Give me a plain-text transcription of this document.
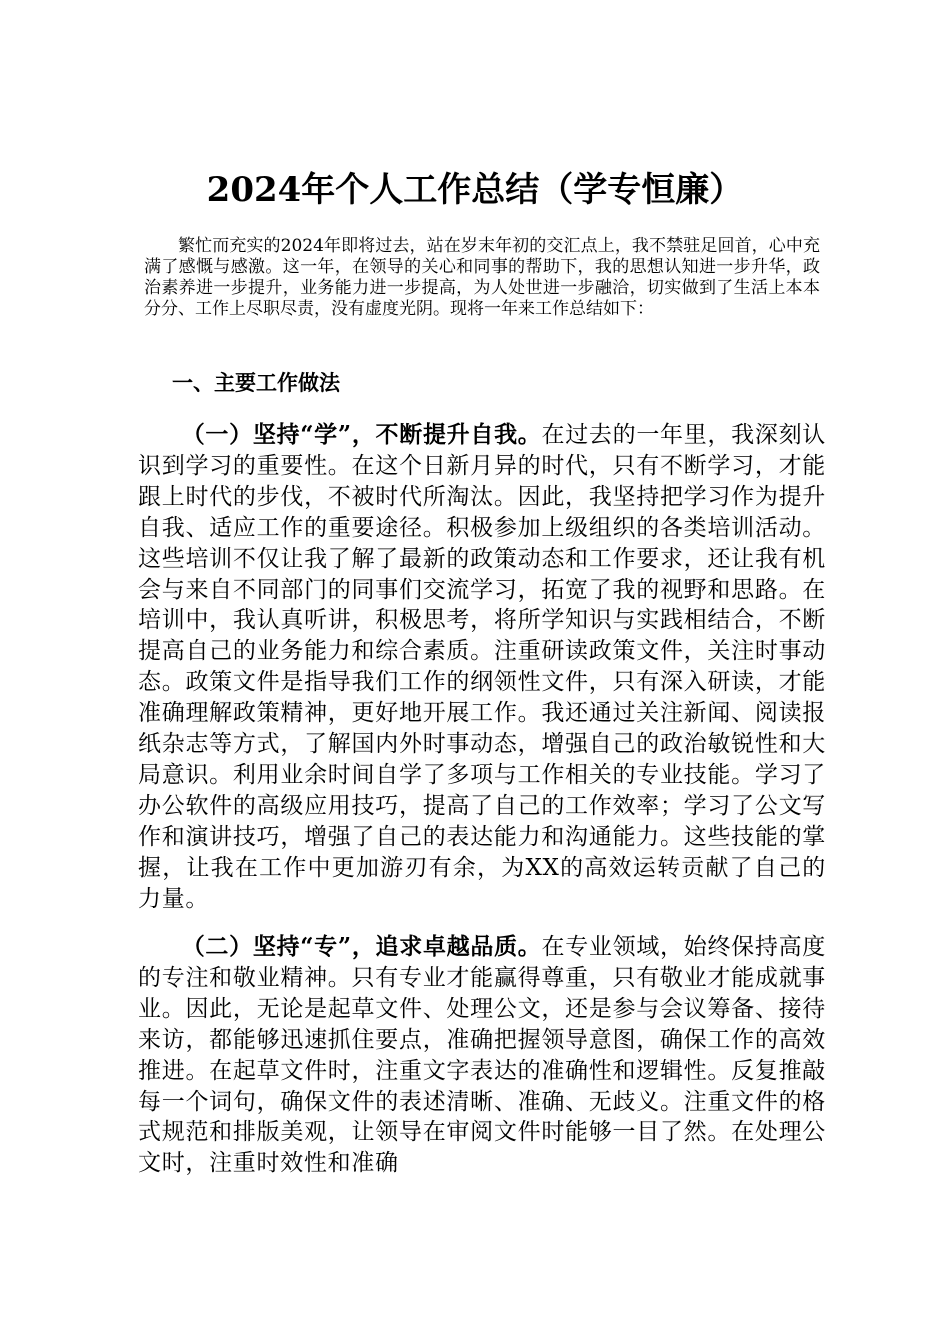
2024年个人工作总结（学专恒廉）

繁忙而充实的2024年即将过去，站在岁末年初的交汇点上，我不禁驻足回首，心中充满了感慨与感激。这一年，在领导的关心和同事的帮助下，我的思想认知进一步升华，政治素养进一步提升，业务能力进一步提高，为人处世进一步融洽，切实做到了生活上本本分分、工作上尽职尽责，没有虚度光阴。现将一年来工作总结如下：

一、主要工作做法

（一）坚持“学”，不断提升自我。在过去的一年里，我深刻认识到学习的重要性。在这个日新月异的时代，只有不断学习，才能跟上时代的步伐，不被时代所淘汰。因此，我坚持把学习作为提升自我、适应工作的重要途径。积极参加上级组织的各类培训活动。这些培训不仅让我了解了最新的政策动态和工作要求，还让我有机会与来自不同部门的同事们交流学习，拓宽了我的视野和思路。在培训中，我认真听讲，积极思考，将所学知识与实践相结合，不断提高自己的业务能力和综合素质。注重研读政策文件，关注时事动态。政策文件是指导我们工作的纲领性文件，只有深入研读，才能准确理解政策精神，更好地开展工作。我还通过关注新闻、阅读报纸杂志等方式，了解国内外时事动态，增强自己的政治敏锐性和大局意识。利用业余时间自学了多项与工作相关的专业技能。学习了办公软件的高级应用技巧，提高了自己的工作效率；学习了公文写作和演讲技巧，增强了自己的表达能力和沟通能力。这些技能的掌握，让我在工作中更加游刃有余，为XX的高效运转贡献了自己的力量。

（二）坚持“专”，追求卓越品质。在专业领域，始终保持高度的专注和敬业精神。只有专业才能赢得尊重，只有敬业才能成就事业。因此，无论是起草文件、处理公文，还是参与会议筹备、接待来访，都能够迅速抓住要点，准确把握领导意图，确保工作的高效推进。在起草文件时，注重文字表达的准确性和逻辑性。反复推敲每一个词句，确保文件的表述清晰、准确、无歧义。注重文件的格式规范和排版美观，让领导在审阅文件时能够一目了然。在处理公文时，注重时效性和准确
